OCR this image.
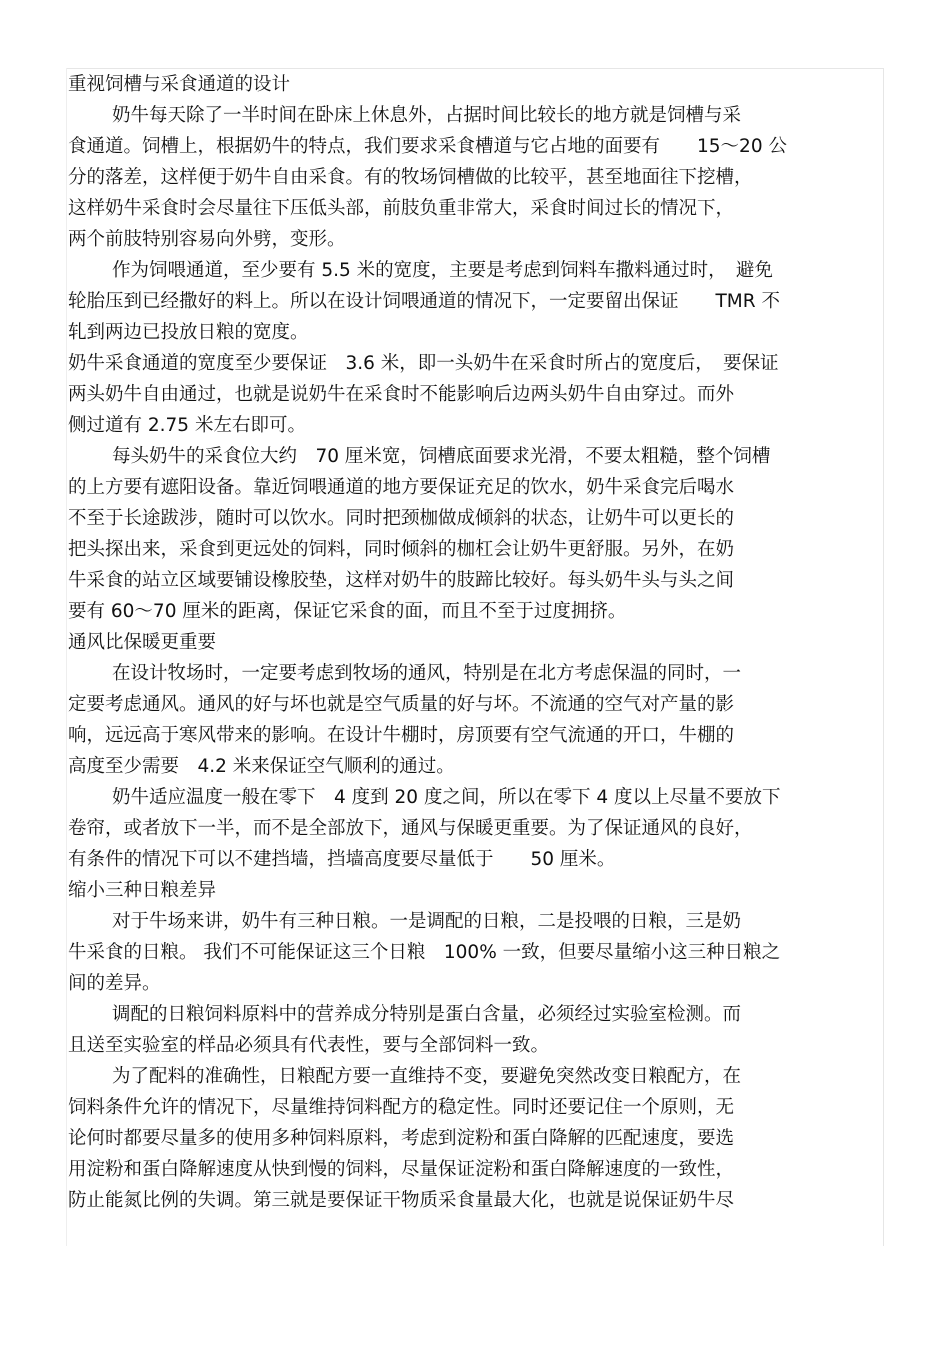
重视饲槽与采食通道的设计

奶牛每天除了一半时间在卧床上休息外，占据时间比较长的地方就是饲槽与采

食通道。饲槽上，根据奶牛的特点，我们要求采食槽道与它占地的面要有　　15～20 公

分的落差，这样便于奶牛自由采食。有的牧场饲槽做的比较平，甚至地面往下挖槽，

这样奶牛采食时会尽量往下压低头部，前肢负重非常大，采食时间过长的情况下，

两个前肢特别容易向外劈，变形。

作为饲喂通道，至少要有 5.5 米的宽度，主要是考虑到饲料车撒料通过时，　避免

轮胎压到已经撒好的料上。所以在设计饲喂通道的情况下，一定要留出保证　　TMR 不

轧到两边已投放日粮的宽度。

奶牛采食通道的宽度至少要保证　3.6 米，即一头奶牛在采食时所占的宽度后，　要保证

两头奶牛自由通过，也就是说奶牛在采食时不能影响后边两头奶牛自由穿过。而外

侧过道有 2.75 米左右即可。

每头奶牛的采食位大约　70 厘米宽，饲槽底面要求光滑，不要太粗糙，整个饲槽

的上方要有遮阳设备。靠近饲喂通道的地方要保证充足的饮水，奶牛采食完后喝水

不至于长途跋涉，随时可以饮水。同时把颈枷做成倾斜的状态，让奶牛可以更长的

把头探出来，采食到更远处的饲料，同时倾斜的枷杠会让奶牛更舒服。另外，在奶

牛采食的站立区域要铺设橡胶垫，这样对奶牛的肢蹄比较好。每头奶牛头与头之间

要有 60～70 厘米的距离，保证它采食的面，而且不至于过度拥挤。

通风比保暖更重要

在设计牧场时，一定要考虑到牧场的通风，特别是在北方考虑保温的同时，一

定要考虑通风。通风的好与坏也就是空气质量的好与坏。不流通的空气对产量的影

响，远远高于寒风带来的影响。在设计牛棚时，房顶要有空气流通的开口，牛棚的

高度至少需要　4.2 米来保证空气顺利的通过。

奶牛适应温度一般在零下　4 度到 20 度之间，所以在零下 4 度以上尽量不要放下

卷帘，或者放下一半，而不是全部放下，通风与保暖更重要。为了保证通风的良好，

有条件的情况下可以不建挡墙，挡墙高度要尽量低于　　50 厘米。

缩小三种日粮差异

对于牛场来讲，奶牛有三种日粮。一是调配的日粮，二是投喂的日粮，三是奶

牛采食的日粮。 我们不可能保证这三个日粮　100% 一致，但要尽量缩小这三种日粮之

间的差异。

调配的日粮饲料原料中的营养成分特别是蛋白含量，必须经过实验室检测。而

且送至实验室的样品必须具有代表性，要与全部饲料一致。

为了配料的准确性，日粮配方要一直维持不变，要避免突然改变日粮配方，在

饲料条件允许的情况下，尽量维持饲料配方的稳定性。同时还要记住一个原则，无

论何时都要尽量多的使用多种饲料原料，考虑到淀粉和蛋白降解的匹配速度，要选

用淀粉和蛋白降解速度从快到慢的饲料，尽量保证淀粉和蛋白降解速度的一致性，

防止能氮比例的失调。第三就是要保证干物质采食量最大化，也就是说保证奶牛尽
